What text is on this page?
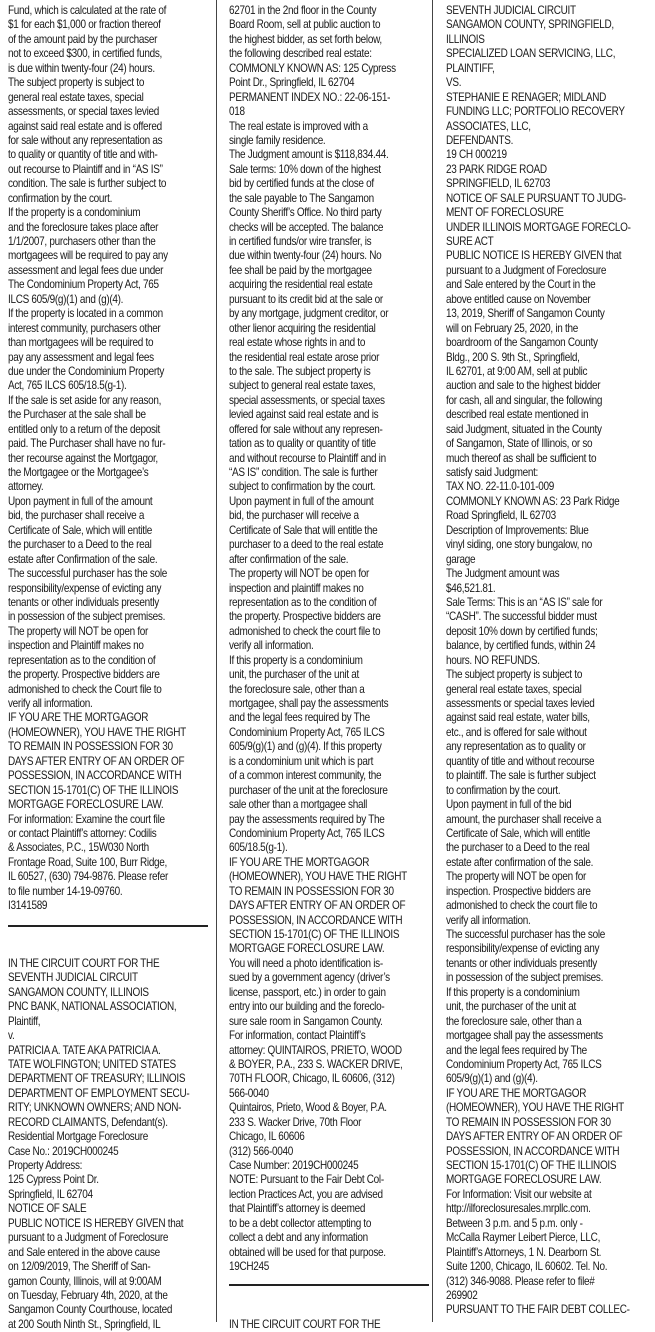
Fund, which is calculated at the rate of
$1 for each $1,000 or fraction thereof
of the amount paid by the purchaser
not to exceed $300, in certified funds,
is due within twenty-four (24) hours.
The subject property is subject to
general real estate taxes, special
assessments, or special taxes levied
against said real estate and is offered
for sale without any representation as
to quality or quantity of title and with-
out recourse to Plaintiff and in “AS IS”
condition. The sale is further subject to
confirmation by the court.
If the property is a condominium
and the foreclosure takes place after
1/1/2007, purchasers other than the
mortgagees will be required to pay any
assessment and legal fees due under
The Condominium Property Act, 765
ILCS 605/9(g)(1) and (g)(4).
If the property is located in a common
interest community, purchasers other
than mortgagees will be required to
pay any assessment and legal fees
due under the Condominium Property
Act, 765 ILCS 605/18.5(g-1).
If the sale is set aside for any reason,
the Purchaser at the sale shall be
entitled only to a return of the deposit
paid. The Purchaser shall have no fur-
ther recourse against the Mortgagor,
the Mortgagee or the Mortgagee’s
attorney.
Upon payment in full of the amount
bid, the purchaser shall receive a
Certificate of Sale, which will entitle
the purchaser to a Deed to the real
estate after Confirmation of the sale.
The successful purchaser has the sole
responsibility/expense of evicting any
tenants or other individuals presently
in possession of the subject premises.
The property will NOT be open for
inspection and Plaintiff makes no
representation as to the condition of
the property. Prospective bidders are
admonished to check the Court file to
verify all information.
IF YOU ARE THE MORTGAGOR
(HOMEOWNER), YOU HAVE THE RIGHT
TO REMAIN IN POSSESSION FOR 30
DAYS AFTER ENTRY OF AN ORDER OF
POSSESSION, IN ACCORDANCE WITH
SECTION 15-1701(C) OF THE ILLINOIS
MORTGAGE FORECLOSURE LAW.
For information: Examine the court file
or contact Plaintiff’s attorney: Codilis
& Associates, P.C., 15W030 North
Frontage Road, Suite 100, Burr Ridge,
IL 60527, (630) 794-9876. Please refer
to file number 14-19-09760.
I3141589
IN THE CIRCUIT COURT FOR THE
SEVENTH JUDICIAL CIRCUIT
SANGAMON COUNTY, ILLINOIS
PNC BANK, NATIONAL ASSOCIATION,
Plaintiff,
v.
PATRICIA A. TATE AKA PATRICIA A.
TATE WOLFINGTON; UNITED STATES
DEPARTMENT OF TREASURY; ILLINOIS
DEPARTMENT OF EMPLOYMENT SECU-
RITY; UNKNOWN OWNERS; AND NON-
RECORD CLAIMANTS, Defendant(s).
Residential Mortgage Foreclosure
Case No.: 2019CH000245
Property Address:
125 Cypress Point Dr.
Springfield, IL 62704
NOTICE OF SALE
PUBLIC NOTICE IS HEREBY GIVEN that
pursuant to a Judgment of Foreclosure
and Sale entered in the above cause
on 12/09/2019, The Sheriff of San-
gamon County, Illinois, will at 9:00AM
on Tuesday, February 4th, 2020, at the
Sangamon County Courthouse, located
at 200 South Ninth St., Springfield, IL
62701 in the 2nd floor in the County
Board Room, sell at public auction to
the highest bidder, as set forth below,
the following described real estate:
COMMONLY KNOWN AS: 125 Cypress
Point Dr., Springfield, IL 62704
PERMANENT INDEX NO.: 22-06-151-
018
The real estate is improved with a
single family residence.
The Judgment amount is $118,834.44.
Sale terms: 10% down of the highest
bid by certified funds at the close of
the sale payable to The Sangamon
County Sheriff’s Office. No third party
checks will be accepted. The balance
in certified funds/or wire transfer, is
due within twenty-four (24) hours. No
fee shall be paid by the mortgagee
acquiring the residential real estate
pursuant to its credit bid at the sale or
by any mortgage, judgment creditor, or
other lienor acquiring the residential
real estate whose rights in and to
the residential real estate arose prior
to the sale. The subject property is
subject to general real estate taxes,
special assessments, or special taxes
levied against said real estate and is
offered for sale without any represen-
tation as to quality or quantity of title
and without recourse to Plaintiff and in
“AS IS” condition. The sale is further
subject to confirmation by the court.
Upon payment in full of the amount
bid, the purchaser will receive a
Certificate of Sale that will entitle the
purchaser to a deed to the real estate
after confirmation of the sale.
The property will NOT be open for
inspection and plaintiff makes no
representation as to the condition of
the property. Prospective bidders are
admonished to check the court file to
verify all information.
If this property is a condominium
unit, the purchaser of the unit at
the foreclosure sale, other than a
mortgagee, shall pay the assessments
and the legal fees required by The
Condominium Property Act, 765 ILCS
605/9(g)(1) and (g)(4). If this property
is a condominium unit which is part
of a common interest community, the
purchaser of the unit at the foreclosure
sale other than a mortgagee shall
pay the assessments required by The
Condominium Property Act, 765 ILCS
605/18.5(g-1).
IF YOU ARE THE MORTGAGOR
(HOMEOWNER), YOU HAVE THE RIGHT
TO REMAIN IN POSSESSION FOR 30
DAYS AFTER ENTRY OF AN ORDER OF
POSSESSION, IN ACCORDANCE WITH
SECTION 15-1701(C) OF THE ILLINOIS
MORTGAGE FORECLOSURE LAW.
You will need a photo identification is-
sued by a government agency (driver’s
license, passport, etc.) in order to gain
entry into our building and the foreclo-
sure sale room in Sangamon County.
For information, contact Plaintiff’s
attorney: QUINTAIROS, PRIETO, WOOD
& BOYER, P.A., 233 S. WACKER DRIVE,
70TH FLOOR, Chicago, IL 60606, (312)
566-0040
Quintairos, Prieto, Wood & Boyer, P.A.
233 S. Wacker Drive, 70th Floor
Chicago, IL 60606
(312) 566-0040
Case Number: 2019CH000245
NOTE: Pursuant to the Fair Debt Col-
lection Practices Act, you are advised
that Plaintiff’s attorney is deemed
to be a debt collector attempting to
collect a debt and any information
obtained will be used for that purpose.
19CH245
IN THE CIRCUIT COURT FOR THE
SEVENTH JUDICIAL CIRCUIT
SANGAMON COUNTY, SPRINGFIELD,
ILLINOIS
SPECIALIZED LOAN SERVICING, LLC,
PLAINTIFF,
VS.
STEPHANIE E RENAGER; MIDLAND
FUNDING LLC; PORTFOLIO RECOVERY
ASSOCIATES, LLC,
DEFENDANTS.
19 CH 000219
23 PARK RIDGE ROAD
SPRINGFIELD, IL 62703
NOTICE OF SALE PURSUANT TO JUDG-
MENT OF FORECLOSURE
UNDER ILLINOIS MORTGAGE FORECLO-
SURE ACT
PUBLIC NOTICE IS HEREBY GIVEN that
pursuant to a Judgment of Foreclosure
and Sale entered by the Court in the
above entitled cause on November
13, 2019, Sheriff of Sangamon County
will on February 25, 2020, in the
boardroom of the Sangamon County
Bldg., 200 S. 9th St., Springfield,
IL 62701, at 9:00 AM, sell at public
auction and sale to the highest bidder
for cash, all and singular, the following
described real estate mentioned in
said Judgment, situated in the County
of Sangamon, State of Illinois, or so
much thereof as shall be sufficient to
satisfy said Judgment:
TAX NO. 22-11.0-101-009
COMMONLY KNOWN AS: 23 Park Ridge
Road Springfield, IL 62703
Description of Improvements: Blue
vinyl siding, one story bungalow, no
garage
The Judgment amount was
$46,521.81.
Sale Terms: This is an “AS IS” sale for
“CASH”. The successful bidder must
deposit 10% down by certified funds;
balance, by certified funds, within 24
hours. NO REFUNDS.
The subject property is subject to
general real estate taxes, special
assessments or special taxes levied
against said real estate, water bills,
etc., and is offered for sale without
any representation as to quality or
quantity of title and without recourse
to plaintiff. The sale is further subject
to confirmation by the court.
Upon payment in full of the bid
amount, the purchaser shall receive a
Certificate of Sale, which will entitle
the purchaser to a Deed to the real
estate after confirmation of the sale.
The property will NOT be open for
inspection. Prospective bidders are
admonished to check the court file to
verify all information.
The successful purchaser has the sole
responsibility/expense of evicting any
tenants or other individuals presently
in possession of the subject premises.
If this property is a condominium
unit, the purchaser of the unit at
the foreclosure sale, other than a
mortgagee shall pay the assessments
and the legal fees required by The
Condominium Property Act, 765 ILCS
605/9(g)(1) and (g)(4).
IF YOU ARE THE MORTGAGOR
(HOMEOWNER), YOU HAVE THE RIGHT
TO REMAIN IN POSSESSION FOR 30
DAYS AFTER ENTRY OF AN ORDER OF
POSSESSION, IN ACCORDANCE WITH
SECTION 15-1701(C) OF THE ILLINOIS
MORTGAGE FORECLOSURE LAW.
For Information: Visit our website at
http://ilforeclosuresales.mrpllc.com.
Between 3 p.m. and 5 p.m. only -
McCalla Raymer Leibert Pierce, LLC,
Plaintiff’s Attorneys, 1 N. Dearborn St.
Suite 1200, Chicago, IL 60602. Tel. No.
(312) 346-9088. Please refer to file#
269902
PURSUANT TO THE FAIR DEBT COLLEC-
